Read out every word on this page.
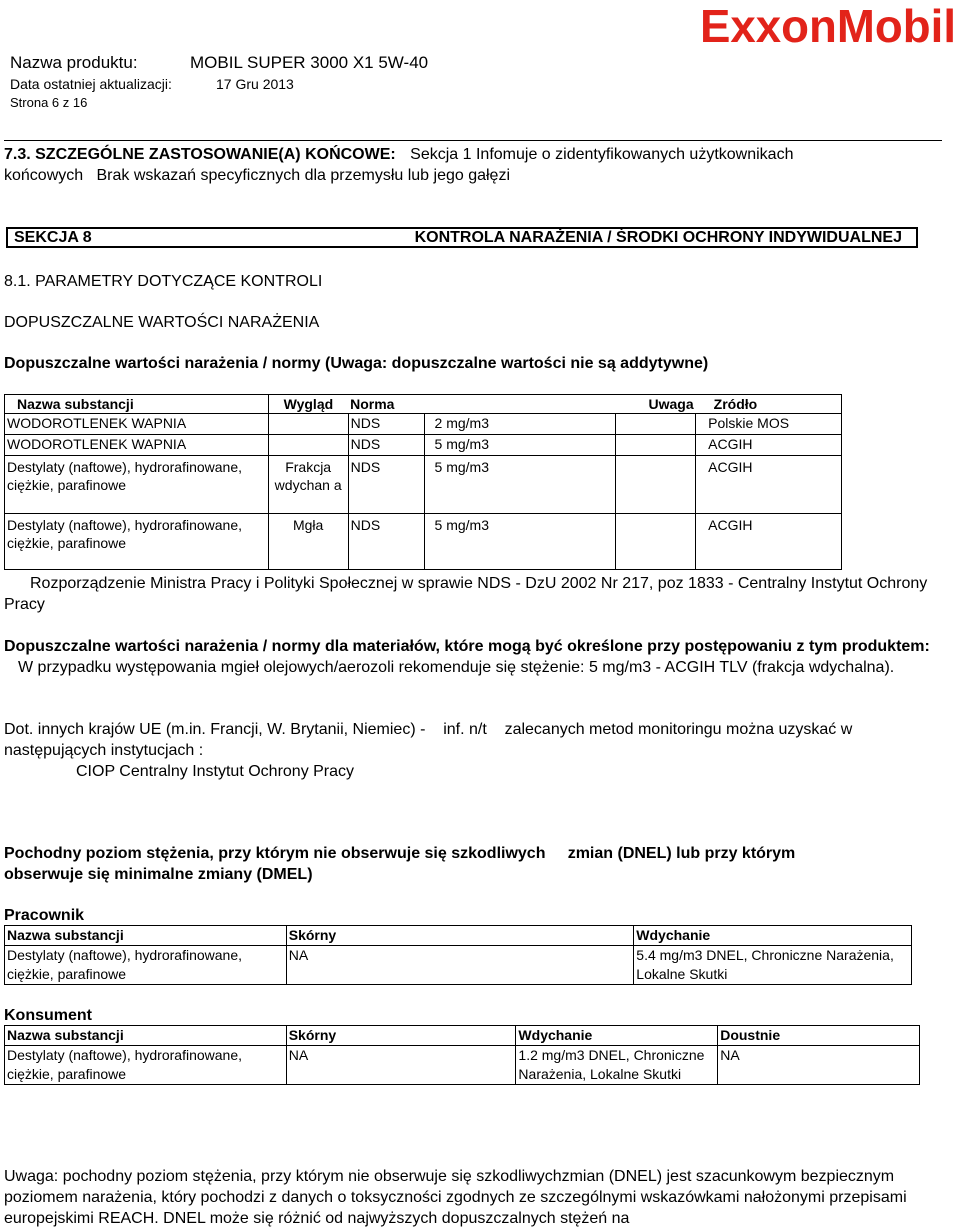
ExxonMobil
Nazwa produktu:	MOBIL SUPER 3000 X1 5W-40
Data ostatniej aktualizacji:	17 Gru 2013
Strona 6 z 16
7.3. SZCZEGÓLNE ZASTOSOWANIE(A) KOŃCOWE: Sekcja 1 Infomuje o zidentyfikowanych użytkownikach
końcowych   Brak wskazań specyficznych dla przemysłu lub jego gałęzi
SEKCJA 8	KONTROLA NARAŻENIA / ŚRODKI OCHRONY INDYWIDUALNEJ
8.1. PARAMETRY DOTYCZĄCE KONTROLI
DOPUSZCZALNE WARTOŚCI NARAŻENIA
Dopuszczalne wartości narażenia / normy (Uwaga: dopuszczalne wartości nie są addytywne)
Nazwa substancji	Wygląd	Norma		Uwaga	Zródło
WODOROTLENEK WAPNIA		NDS	2 mg/m3		Polskie MOS
WODOROTLENEK WAPNIA		NDS	5 mg/m3		ACGIH
Destylaty (naftowe), hydrorafinowane, ciężkie, parafinowe	Frakcja wdychan a	NDS	5 mg/m3		ACGIH
Destylaty (naftowe), hydrorafinowane, ciężkie, parafinowe	Mgła	NDS	5 mg/m3		ACGIH
Rozporządzenie Ministra Pracy i Polityki Społecznej w sprawie NDS - DzU 2002 Nr 217, poz 1833 - Centralny Instytut Ochrony Pracy
Dopuszczalne wartości narażenia / normy dla materiałów, które mogą być określone przy postępowaniu z tym produktem: W przypadku występowania mgieł olejowych/aerozoli rekomenduje się stężenie: 5 mg/m3 - ACGIH TLV (frakcja wdychalna).
Dot. innych krajów UE (m.in. Francji, W. Brytanii, Niemiec) -    inf. n/t    zalecanych metod monitoringu można uzyskać w
następujących instytucjach :
CIOP Centralny Instytut Ochrony Pracy
Pochodny poziom stężenia, przy którym nie obserwuje się szkodliwych     zmian (DNEL) lub przy którym
obserwuje się minimalne zmiany (DMEL)
Pracownik
Nazwa substancji	Skórny	Wdychanie
Destylaty (naftowe), hydrorafinowane, ciężkie, parafinowe	NA	5.4 mg/m3 DNEL, Chroniczne Narażenia, Lokalne Skutki
Konsument
Nazwa substancji	Skórny	Wdychanie	Doustnie
Destylaty (naftowe), hydrorafinowane, ciężkie, parafinowe	NA	1.2 mg/m3 DNEL, Chroniczne Narażenia, Lokalne Skutki	NA
Uwaga: pochodny poziom stężenia, przy którym nie obserwuje się szkodliwychzmian (DNEL) jest szacunkowym bezpiecznym poziomem narażenia, który pochodzi z danych o toksyczności zgodnych ze szczególnymi wskazówkami nałożonymi przepisami europejskimi REACH. DNEL może się różnić od najwyższych dopuszczalnych stężeń na
